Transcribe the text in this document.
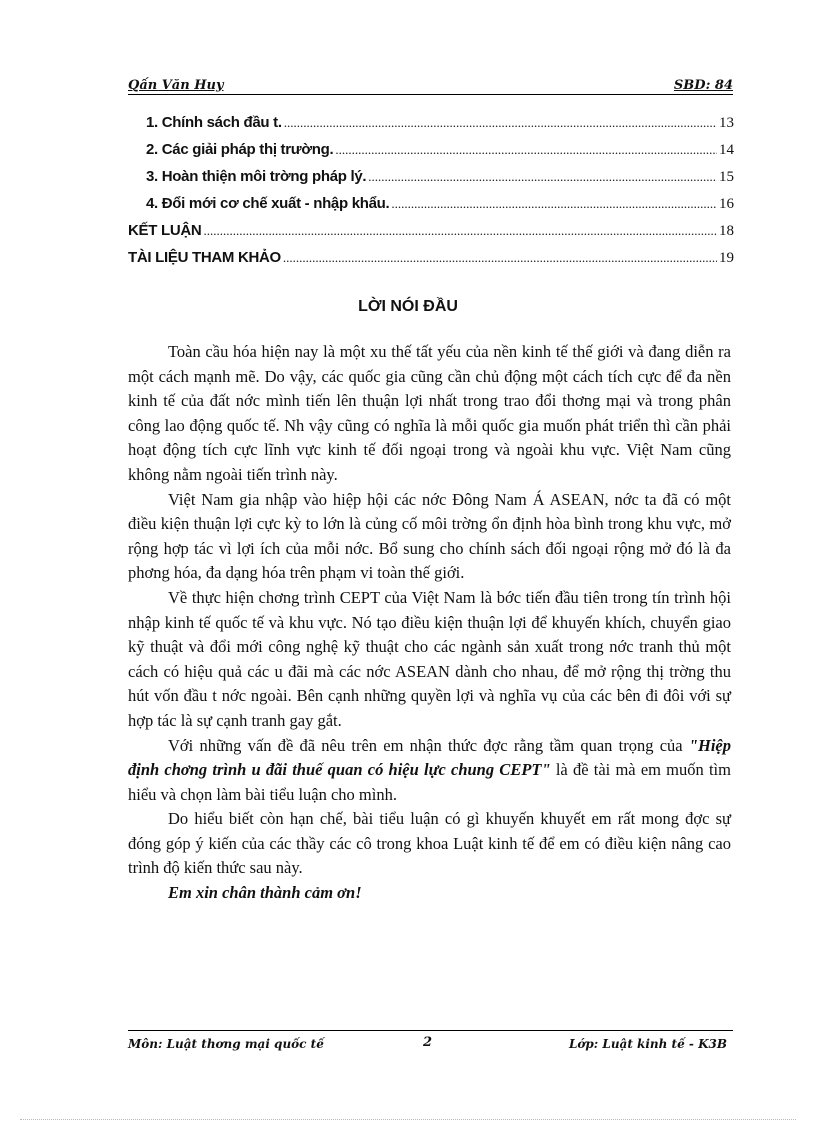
Qấn Văn Huy	SBD: 84
1. Chính sách đầu t. .....	13
2. Các giải pháp thị trường. .....	14
3. Hoàn thiện môi trờng pháp lý. .....	15
4. Đổi mới cơ chế xuất - nhập khẩu. .....	16
KẾT LUẬN .....	18
TÀI LIỆU THAM KHẢO .....	19
LỜI NÓI ĐẦU

Toàn cầu hóa hiện nay là một xu thế tất yếu của nền kinh tế thế giới và đang diễn ra một cách mạnh mẽ. Do vậy, các quốc gia cũng cần chủ động một cách tích cực để đa nền kinh tế của đất nớc mình tiến lên thuận lợi nhất trong trao đổi thơng mại và trong phân công lao động quốc tế. Nh vậy cũng có nghĩa là mỗi quốc gia muốn phát triển thì cần phải hoạt động tích cực lĩnh vực kinh tế đối ngoại trong và ngoài khu vực. Việt Nam cũng không nằm ngoài tiến trình này.

Việt Nam gia nhập vào hiệp hội các nớc Đông Nam Á ASEAN, nớc ta đã có một điều kiện thuận lợi cực kỳ to lớn là củng cố môi trờng ổn định hòa bình trong khu vực, mở rộng hợp tác vì lợi ích của mỗi nớc. Bổ sung cho chính sách đối ngoại rộng mở đó là đa phơng hóa, đa dạng hóa trên phạm vi toàn thế giới.

Về thực hiện chơng trình CEPT của Việt Nam là bớc tiến đầu tiên trong tín trình hội nhập kinh tế quốc tế và khu vực. Nó tạo điều kiện thuận lợi để khuyến khích, chuyển giao kỹ thuật và đổi mới công nghệ kỹ thuật cho các ngành sản xuất trong nớc tranh thủ một cách có hiệu quả các u đãi mà các nớc ASEAN dành cho nhau, để mở rộng thị trờng thu hút vốn đầu t nớc ngoài. Bên cạnh những quyền lợi và nghĩa vụ của các bên đi đôi với sự hợp tác là sự cạnh tranh gay gắt.

Với những vấn đề đã nêu trên em nhận thức đợc rằng tầm quan trọng của "Hiệp định chơng trình u đãi thuế quan có hiệu lực chung CEPT" là đề tài mà em muốn tìm hiểu và chọn làm bài tiểu luận cho mình.

Do hiểu biết còn hạn chế, bài tiểu luận có gì khuyến khuyết em rất mong đợc sự đóng góp ý kiến của các thầy các cô trong khoa Luật kinh tế để em có điều kiện nâng cao trình độ kiến thức sau này.

Em xin chân thành cảm ơn!

Môn: Luật thơng mại quốc tế	2	Lớp: Luật kinh tế - K3B
